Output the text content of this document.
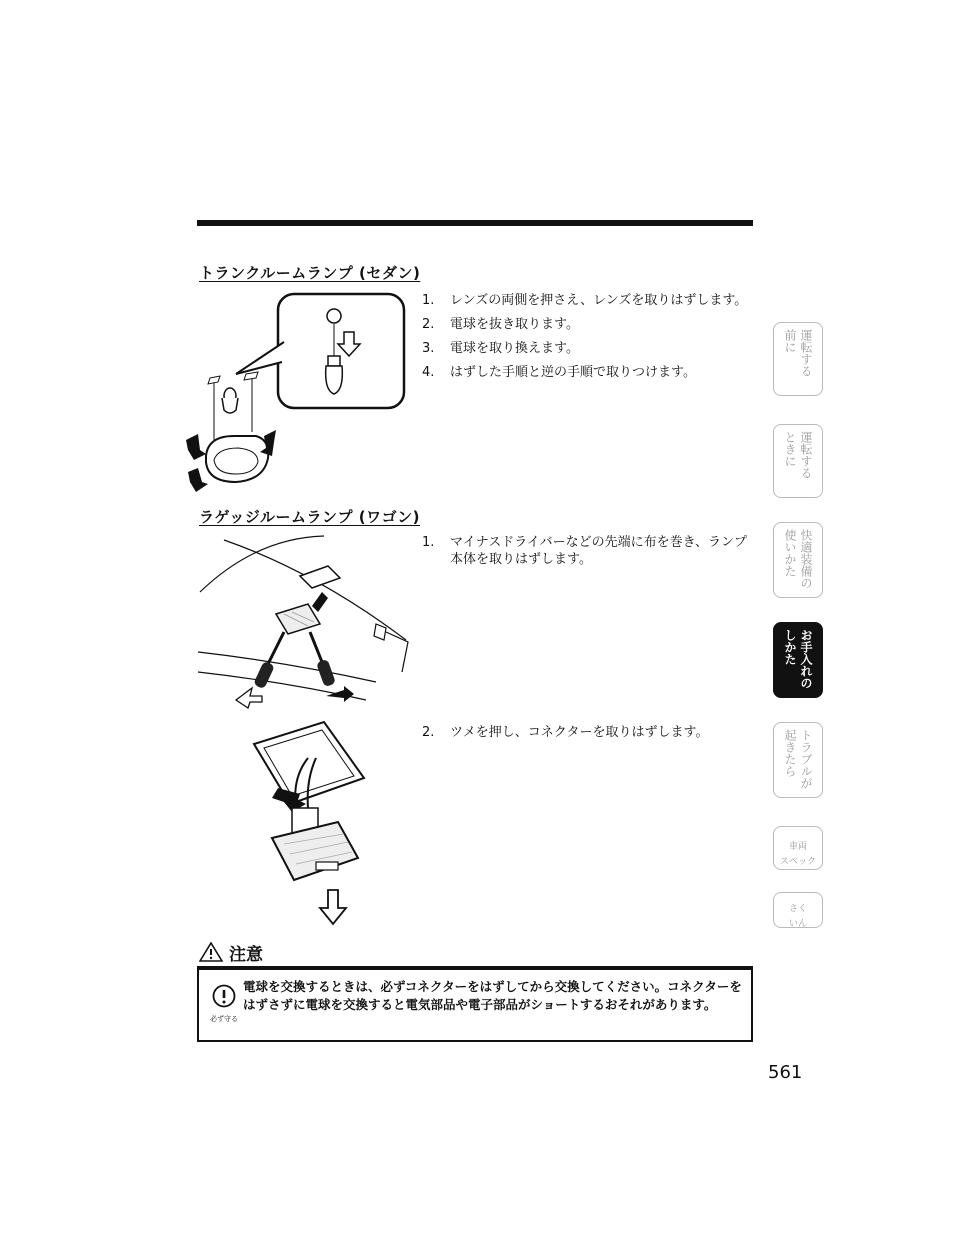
トランクルームランプ (セダン)
1. レンズの両側を押さえ、レンズを取りはずします。
2. 電球を抜き取ります。
3. 電球を取り換えます。
4. はずした手順と逆の手順で取りつけます。
ラゲッジルームランプ (ワゴン)
1. マイナスドライバーなどの先端に布を巻き、ランプ本体を取りはずします。
2. ツメを押し、コネクターを取りはずします。
注意
必ず守る
電球を交換するときは、必ずコネクターをはずしてから交換してください。コネクターをはずさずに電球を交換すると電気部品や電子部品がショートするおそれがあります。
運転する
前に
運転する
ときに
快適装備の
使いかた
お手入れの
しかた
トラブルが
起きたら
車両
スペック
さく
いん
561
